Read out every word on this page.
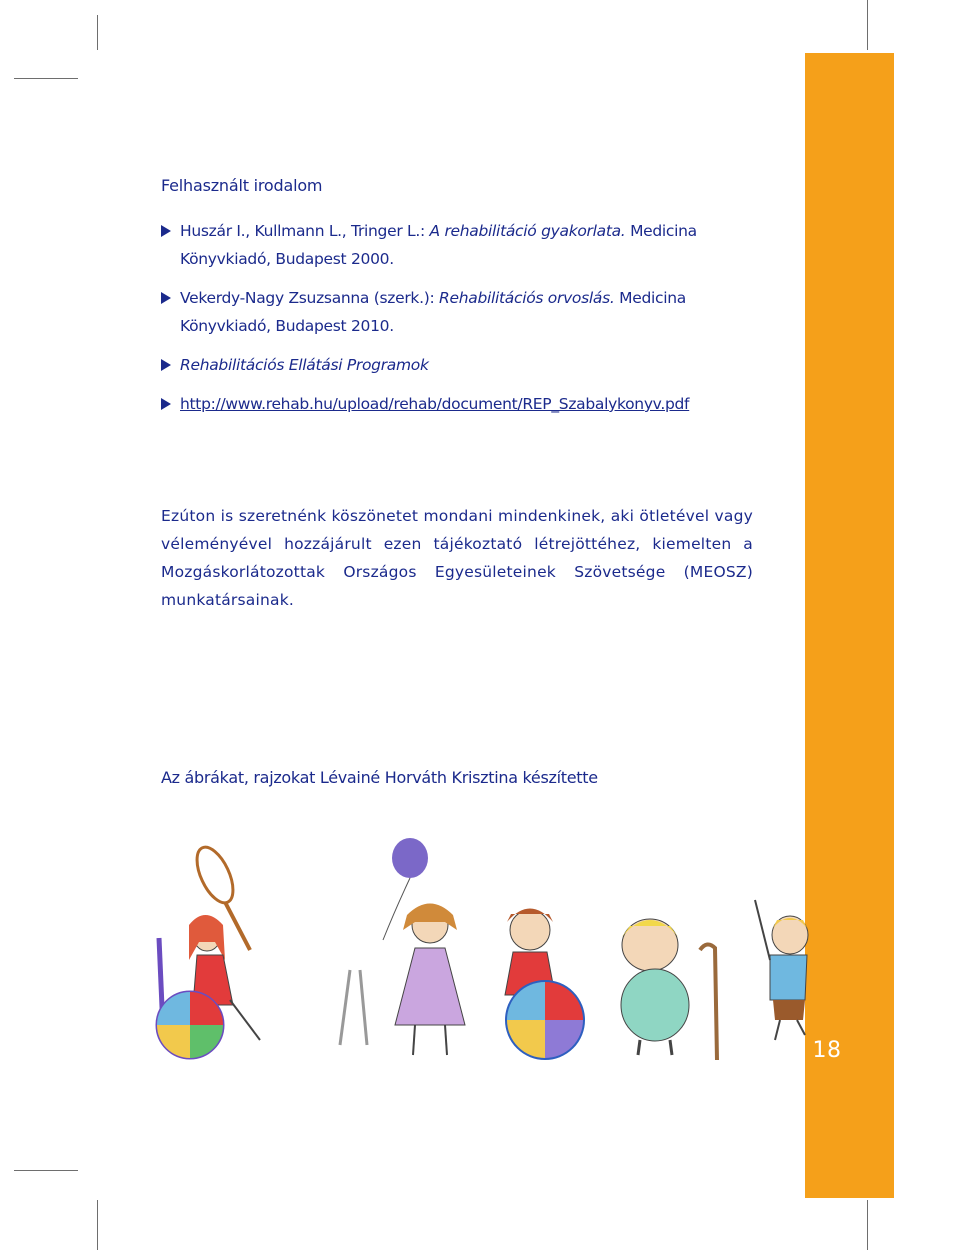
18
Felhasznált irodalom
Huszár I., Kullmann L., Tringer L.: A rehabilitáció gyakorlata. Medicina Könyvkiadó, Budapest 2000.
Vekerdy-Nagy Zsuzsanna (szerk.): Rehabilitációs orvoslás. Medicina Könyvkiadó, Budapest 2010.
Rehabilitációs Ellátási Programok
http://www.rehab.hu/upload/rehab/document/REP_Szabalykonyv.pdf

Ezúton is szeretnénk köszönetet mondani mindenkinek, aki ötletével vagy véleményével hozzájárult ezen tájékoztató létrejöttéhez, kiemelten a Mozgáskorlátozottak Országos Egyesületeinek Szövetsége (MEOSZ) munkatársainak.

Az ábrákat, rajzokat Lévainé Horváth Krisztina készítette
